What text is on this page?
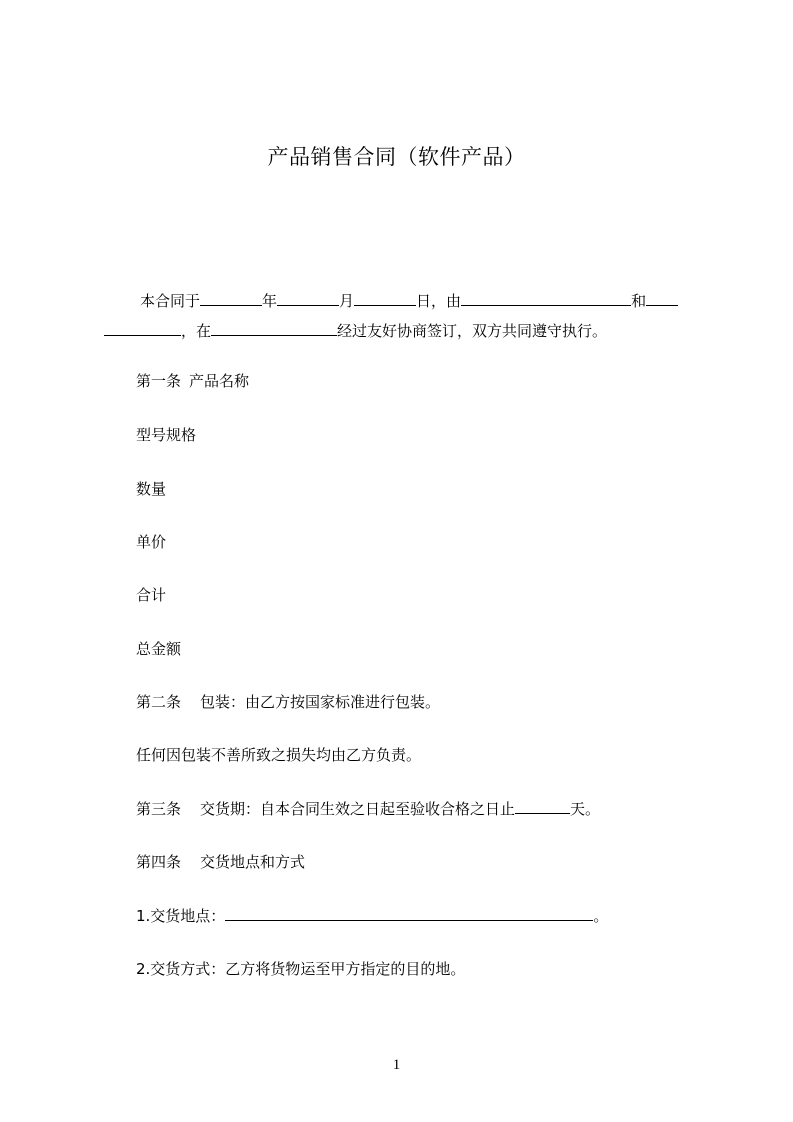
产品销售合同（软件产品）
本合同于	年	月	日，由	和
，在	经过友好协商签订，双方共同遵守执行。
第一条 产品名称
型号规格
数量
单价
合计
总金额
第二条 包装：由乙方按国家标准进行包装。
任何因包装不善所致之损失均由乙方负责。
第三条 交货期：自本合同生效之日起至验收合格之日止	天。
第四条 交货地点和方式
1.交货地点：	。
2.交货方式：乙方将货物运至甲方指定的目的地。
1
